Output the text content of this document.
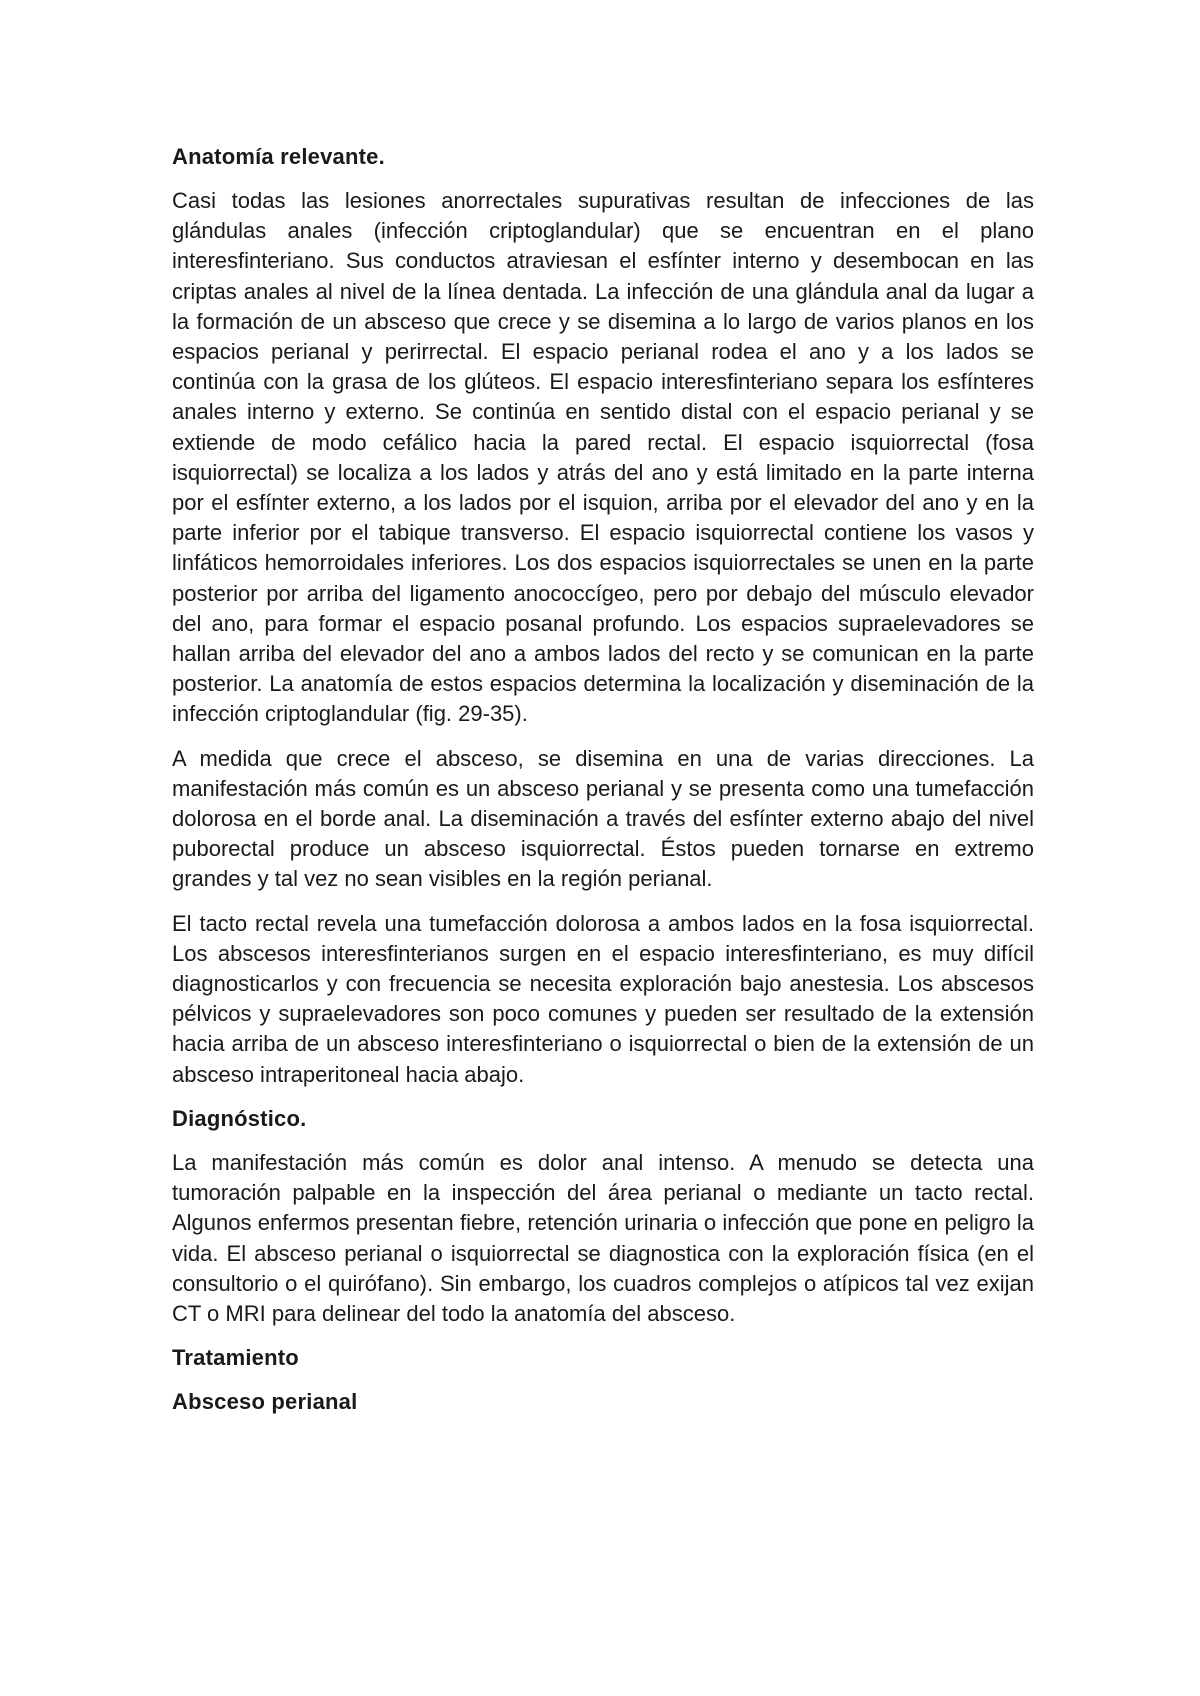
Anatomía relevante.

Casi todas las lesiones anorrectales supurativas resultan de infecciones de las glándulas anales (infección criptoglandular) que se encuentran en el plano interesfinteriano. Sus conductos atraviesan el esfínter interno y desembocan en las criptas anales al nivel de la línea dentada. La infección de una glándula anal da lugar a la formación de un absceso que crece y se disemina a lo largo de varios planos en los espacios perianal y perirrectal. El espacio perianal rodea el ano y a los lados se continúa con la grasa de los glúteos. El espacio interesfinteriano separa los esfínteres anales interno y externo. Se continúa en sentido distal con el espacio perianal y se extiende de modo cefálico hacia la pared rectal. El espacio isquiorrectal (fosa isquiorrectal) se localiza a los lados y atrás del ano y está limitado en la parte interna por el esfínter externo, a los lados por el isquion, arriba por el elevador del ano y en la parte inferior por el tabique transverso. El espacio isquiorrectal contiene los vasos y linfáticos hemorroidales inferiores. Los dos espacios isquiorrectales se unen en la parte posterior por arriba del ligamento anococcígeo, pero por debajo del músculo elevador del ano, para formar el espacio posanal profundo. Los espacios supraelevadores se hallan arriba del elevador del ano a ambos lados del recto y se comunican en la parte posterior. La anatomía de estos espacios determina la localización y diseminación de la infección criptoglandular (fig. 29-35).

A medida que crece el absceso, se disemina en una de varias direcciones. La manifestación más común es un absceso perianal y se presenta como una tumefacción dolorosa en el borde anal. La diseminación a través del esfínter externo abajo del nivel puborectal produce un absceso isquiorrectal. Éstos pueden tornarse en extremo grandes y tal vez no sean visibles en la región perianal.

El tacto rectal revela una tumefacción dolorosa a ambos lados en la fosa isquiorrectal. Los abscesos interesfinterianos surgen en el espacio interesfinteriano, es muy difícil diagnosticarlos y con frecuencia se necesita exploración bajo anestesia. Los abscesos pélvicos y supraelevadores son poco comunes y pueden ser resultado de la extensión hacia arriba de un absceso interesfinteriano o isquiorrectal o bien de la extensión de un absceso intraperitoneal hacia abajo.

Diagnóstico.

La manifestación más común es dolor anal intenso. A menudo se detecta una tumoración palpable en la inspección del área perianal o mediante un tacto rectal. Algunos enfermos presentan fiebre, retención urinaria o infección que pone en peligro la vida. El absceso perianal o isquiorrectal se diagnostica con la exploración física (en el consultorio o el quirófano). Sin embargo, los cuadros complejos o atípicos tal vez exijan CT o MRI para delinear del todo la anatomía del absceso.

Tratamiento
Absceso perianal
